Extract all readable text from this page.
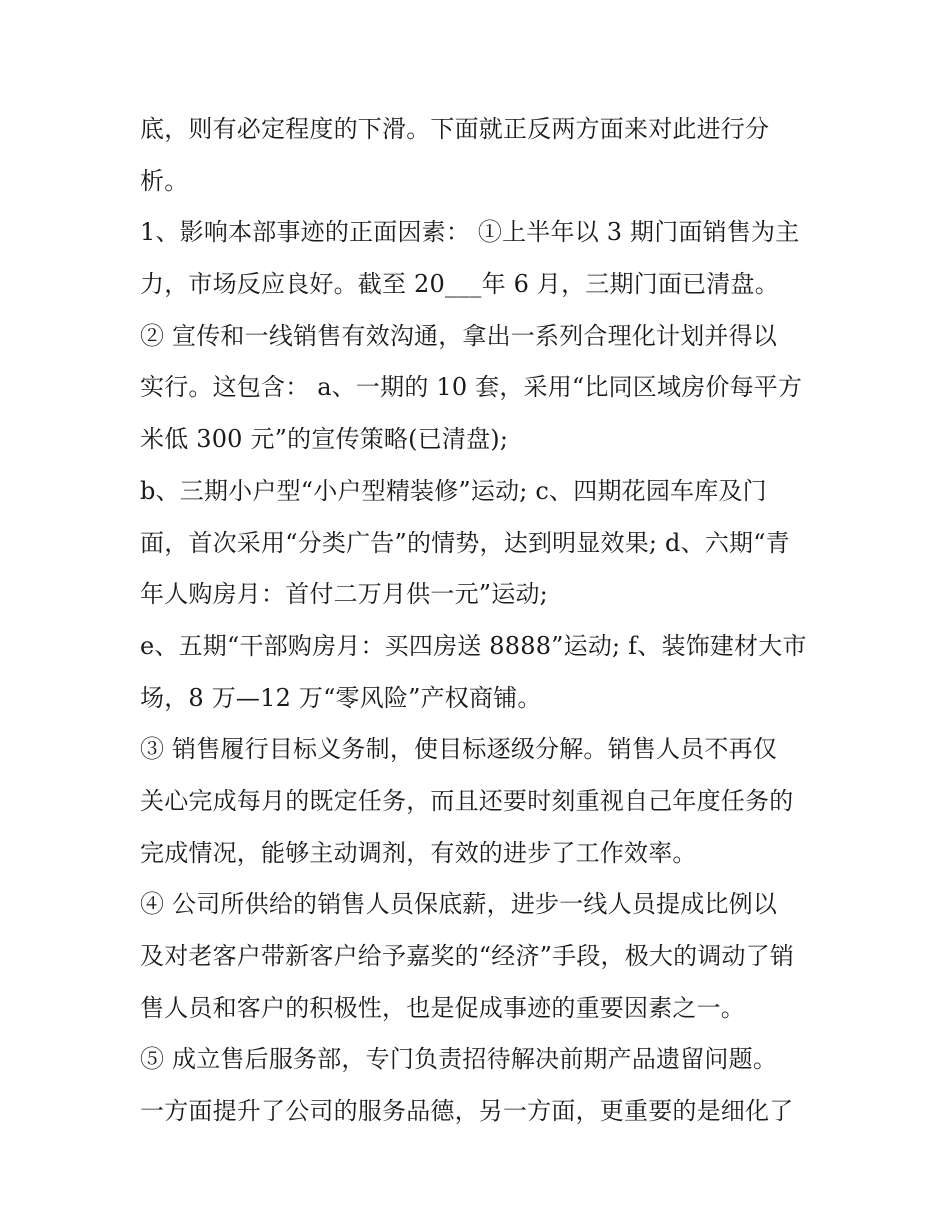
底，则有必定程度的下滑。下面就正反两方面来对此进行分
析。
1、影响本部事迹的正面因素： ①上半年以 3 期门面销售为主
力，市场反应良好。截至 20___年 6 月，三期门面已清盘。
② 宣传和一线销售有效沟通，拿出一系列合理化计划并得以
实行。这包含： a、一期的 10 套，采用“比同区域房价每平方
米低 300 元”的宣传策略(已清盘);
b、三期小户型“小户型精装修”运动; c、四期花园车库及门
面，首次采用“分类广告”的情势，达到明显效果; d、六期“青
年人购房月：首付二万月供一元”运动;
e、五期“干部购房月：买四房送 8888”运动; f、装饰建材大市
场，8 万—12 万“零风险”产权商铺。
③ 销售履行目标义务制，使目标逐级分解。销售人员不再仅
关心完成每月的既定任务，而且还要时刻重视自己年度任务的
完成情况，能够主动调剂，有效的进步了工作效率。
④ 公司所供给的销售人员保底薪，进步一线人员提成比例以
及对老客户带新客户给予嘉奖的“经济”手段，极大的调动了销
售人员和客户的积极性，也是促成事迹的重要因素之一。
⑤ 成立售后服务部，专门负责招待解决前期产品遗留问题。
一方面提升了公司的服务品德，另一方面，更重要的是细化了
